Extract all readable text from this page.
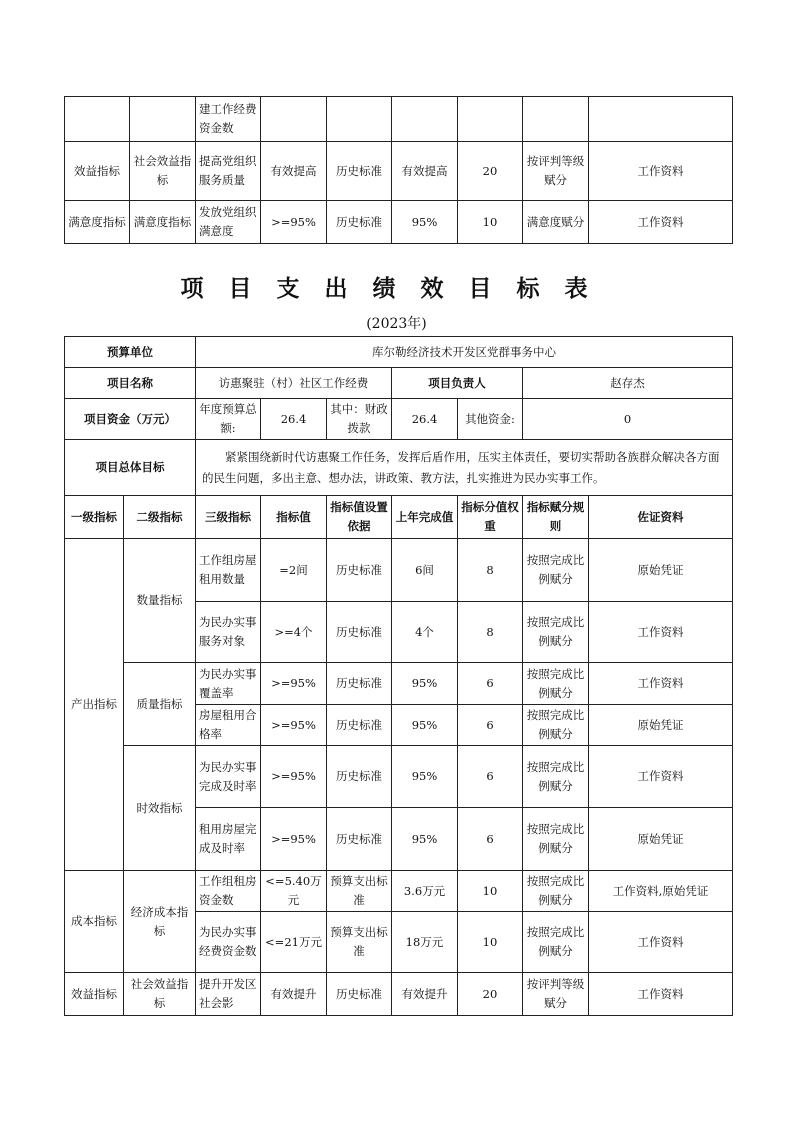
		建工作经费资金数						
效益指标	社会效益指标	提高党组织服务质量	有效提高	历史标准	有效提高	20	按评判等级赋分	工作资料
满意度指标	满意度指标	发放党组织满意度	>=95%	历史标准	95%	10	满意度赋分	工作资料
项目支出绩效目标表
(2023年)
预算单位		库尔勒经济技术开发区党群事务中心						
项目名称		访惠聚驻（村）社区工作经费			项目负责人		赵存杰	
项目资金（万元）		年度预算总额:	26.4	其中：财政拨款	26.4	其他资金:	0	
项目总体目标		紧紧围绕新时代访惠聚工作任务，发挥后盾作用，压实主体责任，要切实帮助各族群众解决各方面的民生问题，多出主意、想办法，讲政策、教方法，扎实推进为民办实事工作。						
一级指标	二级指标	三级指标	指标值	指标值设置依据	上年完成值	指标分值权重	指标赋分规则	佐证资料
产出指标	数量指标	工作组房屋租用数量	=2间	历史标准	6间	8	按照完成比例赋分	原始凭证
		为民办实事服务对象	>=4个	历史标准	4个	8	按照完成比例赋分	工作资料
	质量指标	为民办实事覆盖率	>=95%	历史标准	95%	6	按照完成比例赋分	工作资料
		房屋租用合格率	>=95%	历史标准	95%	6	按照完成比例赋分	原始凭证
	时效指标	为民办实事完成及时率	>=95%	历史标准	95%	6	按照完成比例赋分	工作资料
		租用房屋完成及时率	>=95%	历史标准	95%	6	按照完成比例赋分	原始凭证
成本指标	经济成本指标	工作组租房资金数	<=5.40万元	预算支出标准	3.6万元	10	按照完成比例赋分	工作资料,原始凭证
		为民办实事经费资金数	<=21万元	预算支出标准	18万元	10	按照完成比例赋分	工作资料
效益指标	社会效益指标	提升开发区社会影	有效提升	历史标准	有效提升	20	按评判等级赋分	工作资料
